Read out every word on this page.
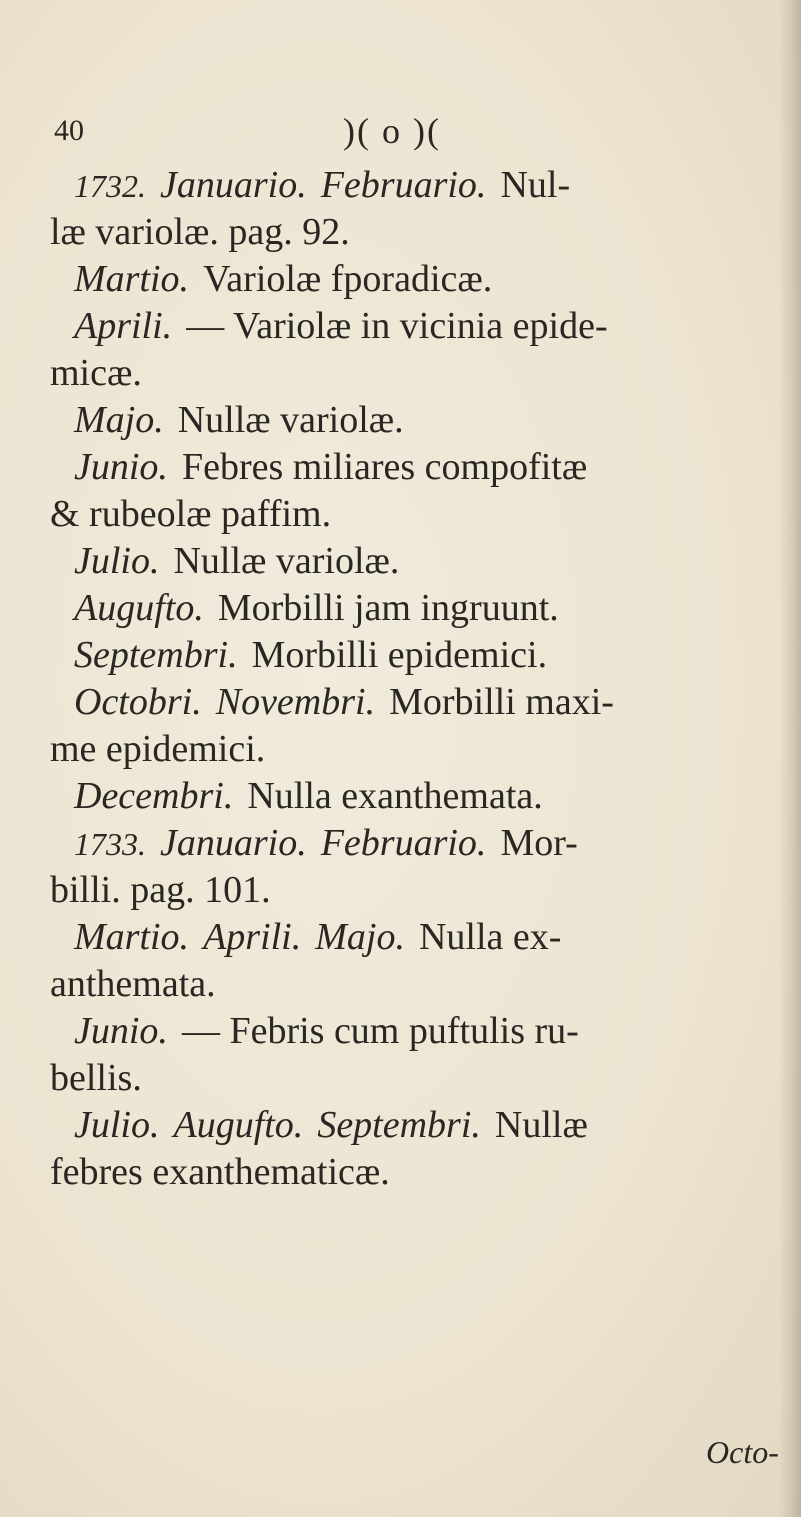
40	)( o )(
1732. Januario. Februario. Nul-
læ variolæ. pag. 92.
Martio. Variolæ fporadicæ.
Aprili. — Variolæ in vicinia epide-
micæ.
Majo. Nullæ variolæ.
Junio. Febres miliares compofitæ
& rubeolæ paffim.
Julio. Nullæ variolæ.
Augufto. Morbilli jam ingruunt.
Septembri. Morbilli epidemici.
Octobri. Novembri. Morbilli maxi-
me epidemici.
Decembri. Nulla exanthemata.
1733. Januario. Februario. Mor-
billi. pag. 101.
Martio. Aprili. Majo. Nulla ex-
anthemata.
Junio. — Febris cum puftulis ru-
bellis.
Julio. Augufto. Septembri. Nullæ
febres exanthematicæ.
Octo-
